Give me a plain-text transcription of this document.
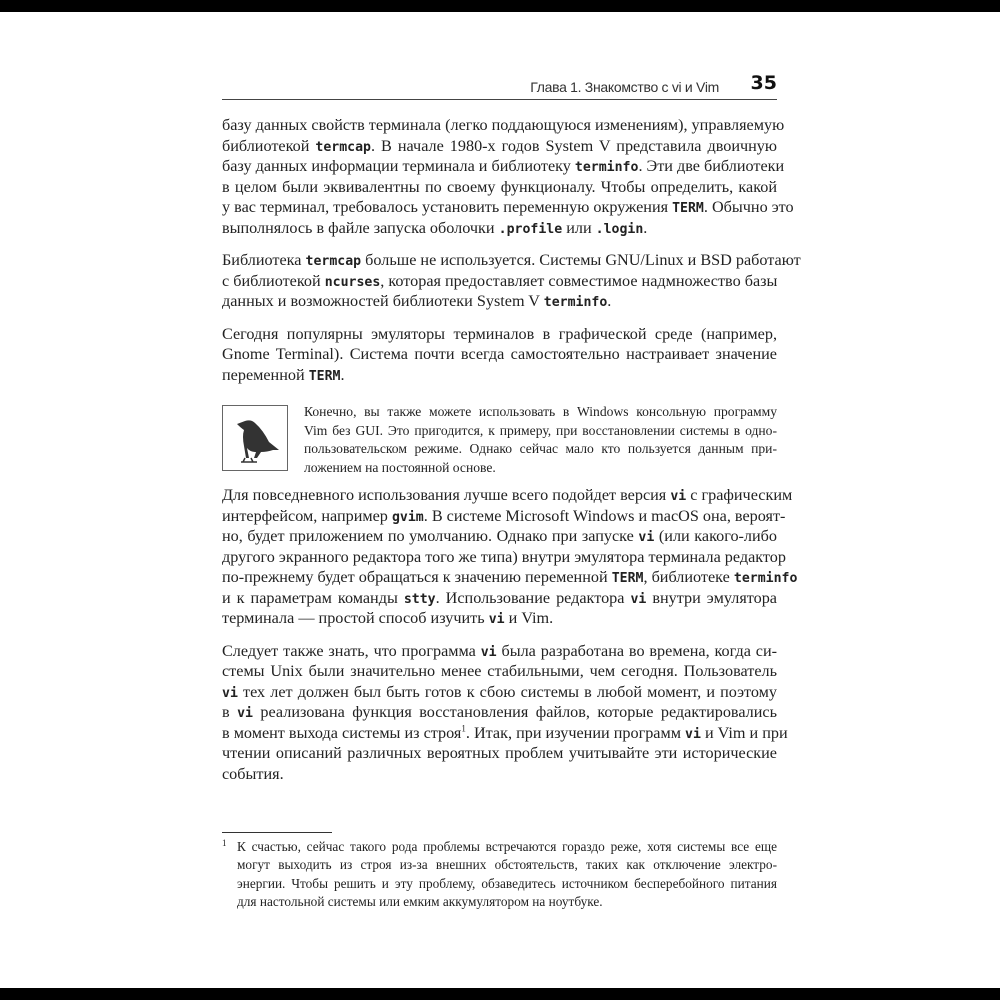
Глава 1. Знакомство с vi и Vim 35
базу данных свойств терминала (легко поддающуюся изменениям), управляемую
библиотекой termcap. В начале 1980-х годов System V представила двоичную
базу данных информации терминала и библиотеку terminfo. Эти две библиотеки
в целом были эквивалентны по своему функционалу. Чтобы определить, какой
у вас терминал, требовалось установить переменную окружения TERM. Обычно это
выполнялось в файле запуска оболочки .profile или .login.
Библиотека termcap больше не используется. Системы GNU/Linux и BSD работают
с библиотекой ncurses, которая предоставляет совместимое надмножество базы
данных и возможностей библиотеки System V terminfo.
Сегодня популярны эмуляторы терминалов в графической среде (например,
Gnome Terminal). Система почти всегда самостоятельно настраивает значение
переменной TERM.
Конечно, вы также можете использовать в Windows консольную программу
Vim без GUI. Это пригодится, к примеру, при восстановлении системы в одно-
пользовательском режиме. Однако сейчас мало кто пользуется данным при-
ложением на постоянной основе.
Для повседневного использования лучше всего подойдет версия vi с графическим
интерфейсом, например gvim. В системе Microsoft Windows и macOS она, вероят-
но, будет приложением по умолчанию. Однако при запуске vi (или какого-либо
другого экранного редактора того же типа) внутри эмулятора терминала редактор
по-прежнему будет обращаться к значению переменной TERM, библиотеке terminfo
и к параметрам команды stty. Использование редактора vi внутри эмулятора
терминала — простой способ изучить vi и Vim.
Следует также знать, что программа vi была разработана во времена, когда си-
стемы Unix были значительно менее стабильными, чем сегодня. Пользователь
vi тех лет должен был быть готов к сбою системы в любой момент, и поэтому
в vi реализована функция восстановления файлов, которые редактировались
в момент выхода системы из строя$^1$. Итак, при изучении программ vi и Vim и при
чтении описаний различных вероятных проблем учитывайте эти исторические
события.
1 К счастью, сейчас такого рода проблемы встречаются гораздо реже, хотя системы все еще
могут выходить из строя из-за внешних обстоятельств, таких как отключение электро-
энергии. Чтобы решить и эту проблему, обзаведитесь источником бесперебойного питания
для настольной системы или емким аккумулятором на ноутбуке.
